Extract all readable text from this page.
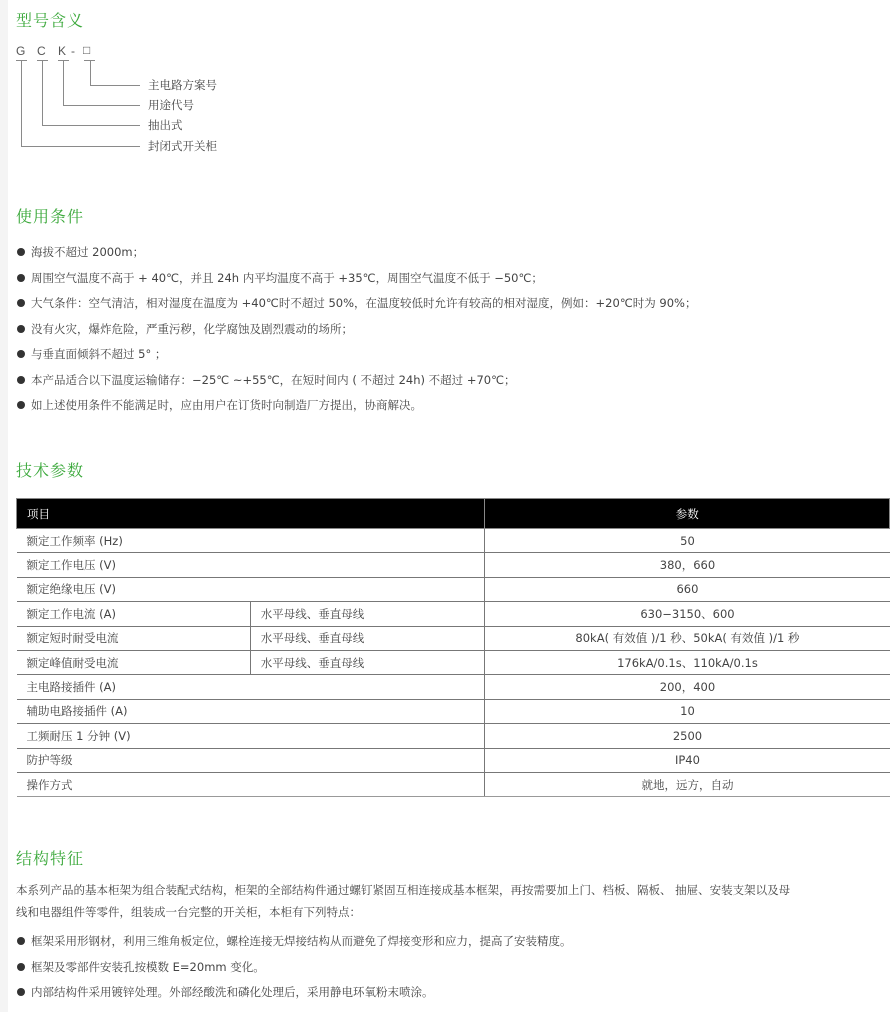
型号含义
G C K - □
主电路方案号
用途代号
抽出式
封闭式开关柜
使用条件
海拔不超过 2000m；
周围空气温度不高于 + 40℃，并且 24h 内平均温度不高于 +35℃，周围空气温度不低于 −50℃；
大气条件：空气清洁，相对湿度在温度为 +40℃时不超过 50%，在温度较低时允许有较高的相对湿度，例如：+20℃时为 90%；
没有火灾，爆炸危险，严重污秽，化学腐蚀及剧烈震动的场所；
与垂直面倾斜不超过 5° ；
本产品适合以下温度运输储存：−25℃ ~+55℃，在短时间内 ( 不超过 24h) 不超过 +70℃；
如上述使用条件不能满足时，应由用户在订货时向制造厂方提出，协商解决。
技术参数
项目		参数
额定工作频率 (Hz)		50
额定工作电压 (V)		380，660
额定绝缘电压 (V)		660
额定工作电流 (A)	水平母线、垂直母线	630−3150、600
额定短时耐受电流	水平母线、垂直母线	80kA( 有效值 )/1 秒、50kA( 有效值 )/1 秒
额定峰值耐受电流	水平母线、垂直母线	176kA/0.1s、110kA/0.1s
主电路接插件 (A)		200，400
辅助电路接插件 (A)		10
工频耐压 1 分钟 (V)		2500
防护等级		IP40
操作方式		就地，远方，自动
结构特征
本系列产品的基本柜架为组合装配式结构，柜架的全部结构件通过螺钉紧固互相连接成基本框架，再按需要加上门、档板、隔板、 抽屉、安装支架以及母
线和电器组件等零件，组装成一台完整的开关柜，本柜有下列特点：
框架采用形钢材，利用三维角板定位，螺栓连接无焊接结构从而避免了焊接变形和应力，提高了安装精度。
框架及零部件安装孔按模数 E=20mm 变化。
内部结构件采用镀锌处理。外部经酸洗和磷化处理后，采用静电环氧粉末喷涂。
